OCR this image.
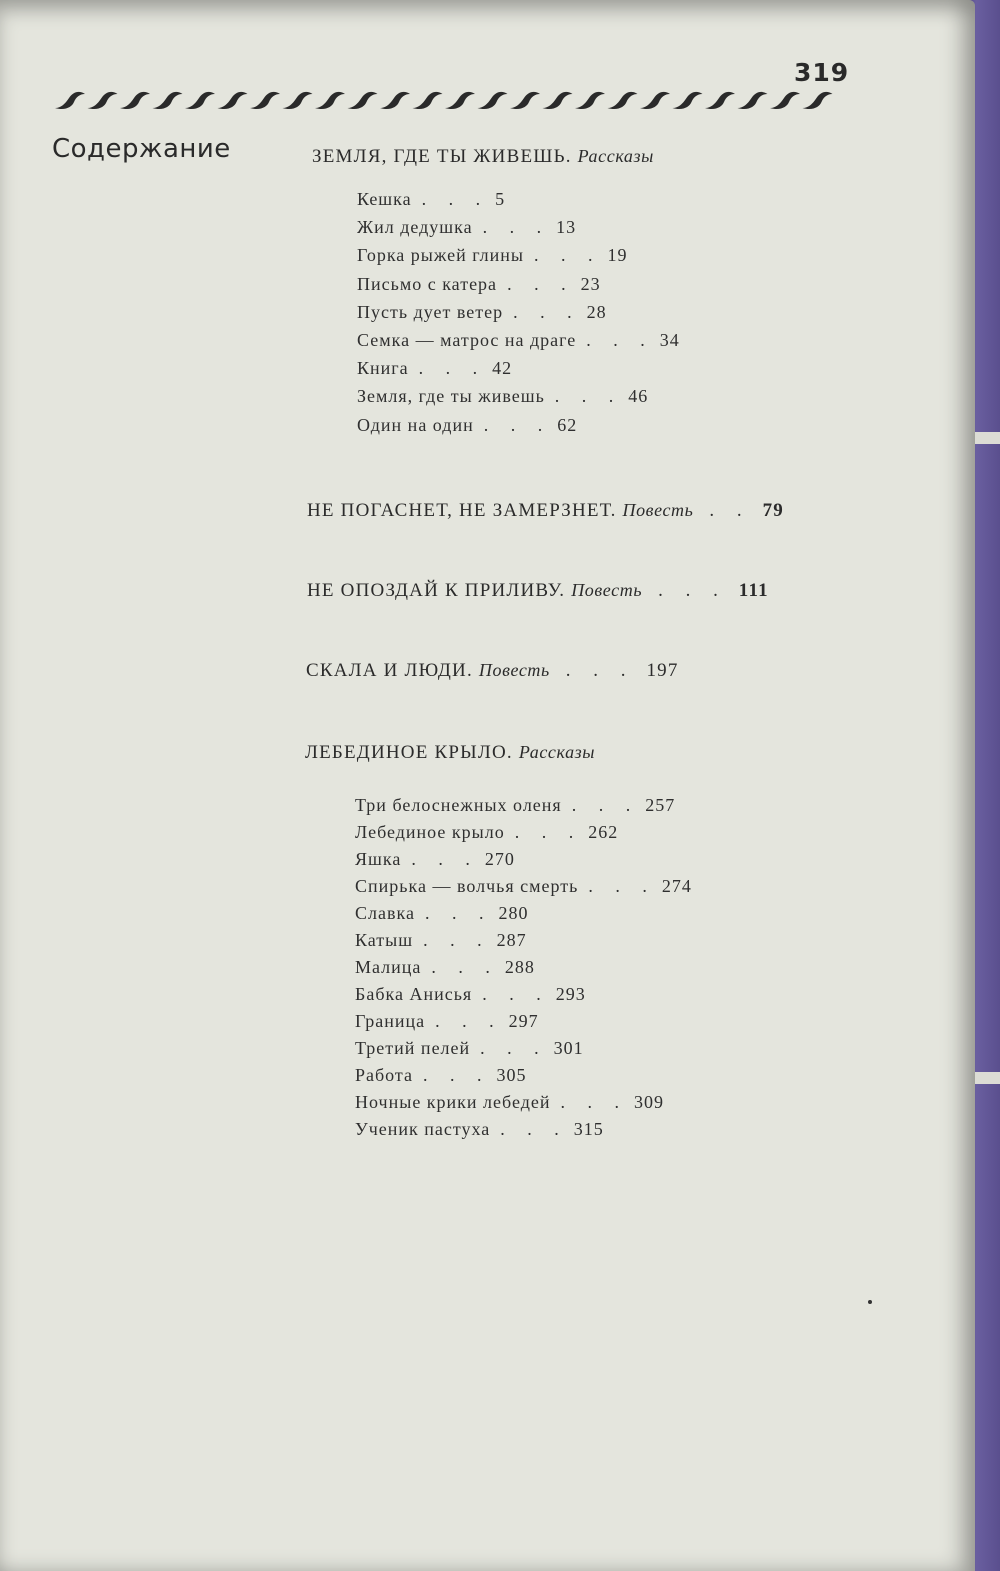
319
Содержание	ЗЕМЛЯ, ГДЕ ТЫ ЖИВЕШЬ. Рассказы
Кешка . . . 5
Жил дедушка . . . 13
Горка рыжей глины . . . 19
Письмо с катера . . . 23
Пусть дует ветер . . . 28
Семка — матрос на драге . . . 34
Книга . . . 42
Земля, где ты живешь . . . 46
Один на один . . . 62
НЕ ПОГАСНЕТ, НЕ ЗАМЕРЗНЕТ. Повесть . . 79
НЕ ОПОЗДАЙ К ПРИЛИВУ. Повесть . . . 111
СКАЛА И ЛЮДИ. Повесть . . . 197
ЛЕБЕДИНОЕ КРЫЛО. Рассказы
Три белоснежных оленя . . . 257
Лебединое крыло . . . 262
Яшка . . . 270
Спирька — волчья смерть . . . 274
Славка . . . 280
Катыш . . . 287
Малица . . . 288
Бабка Анисья . . . 293
Граница . . . 297
Третий пелей . . . 301
Работа . . . 305
Ночные крики лебедей . . . 309
Ученик пастуха . . . 315
